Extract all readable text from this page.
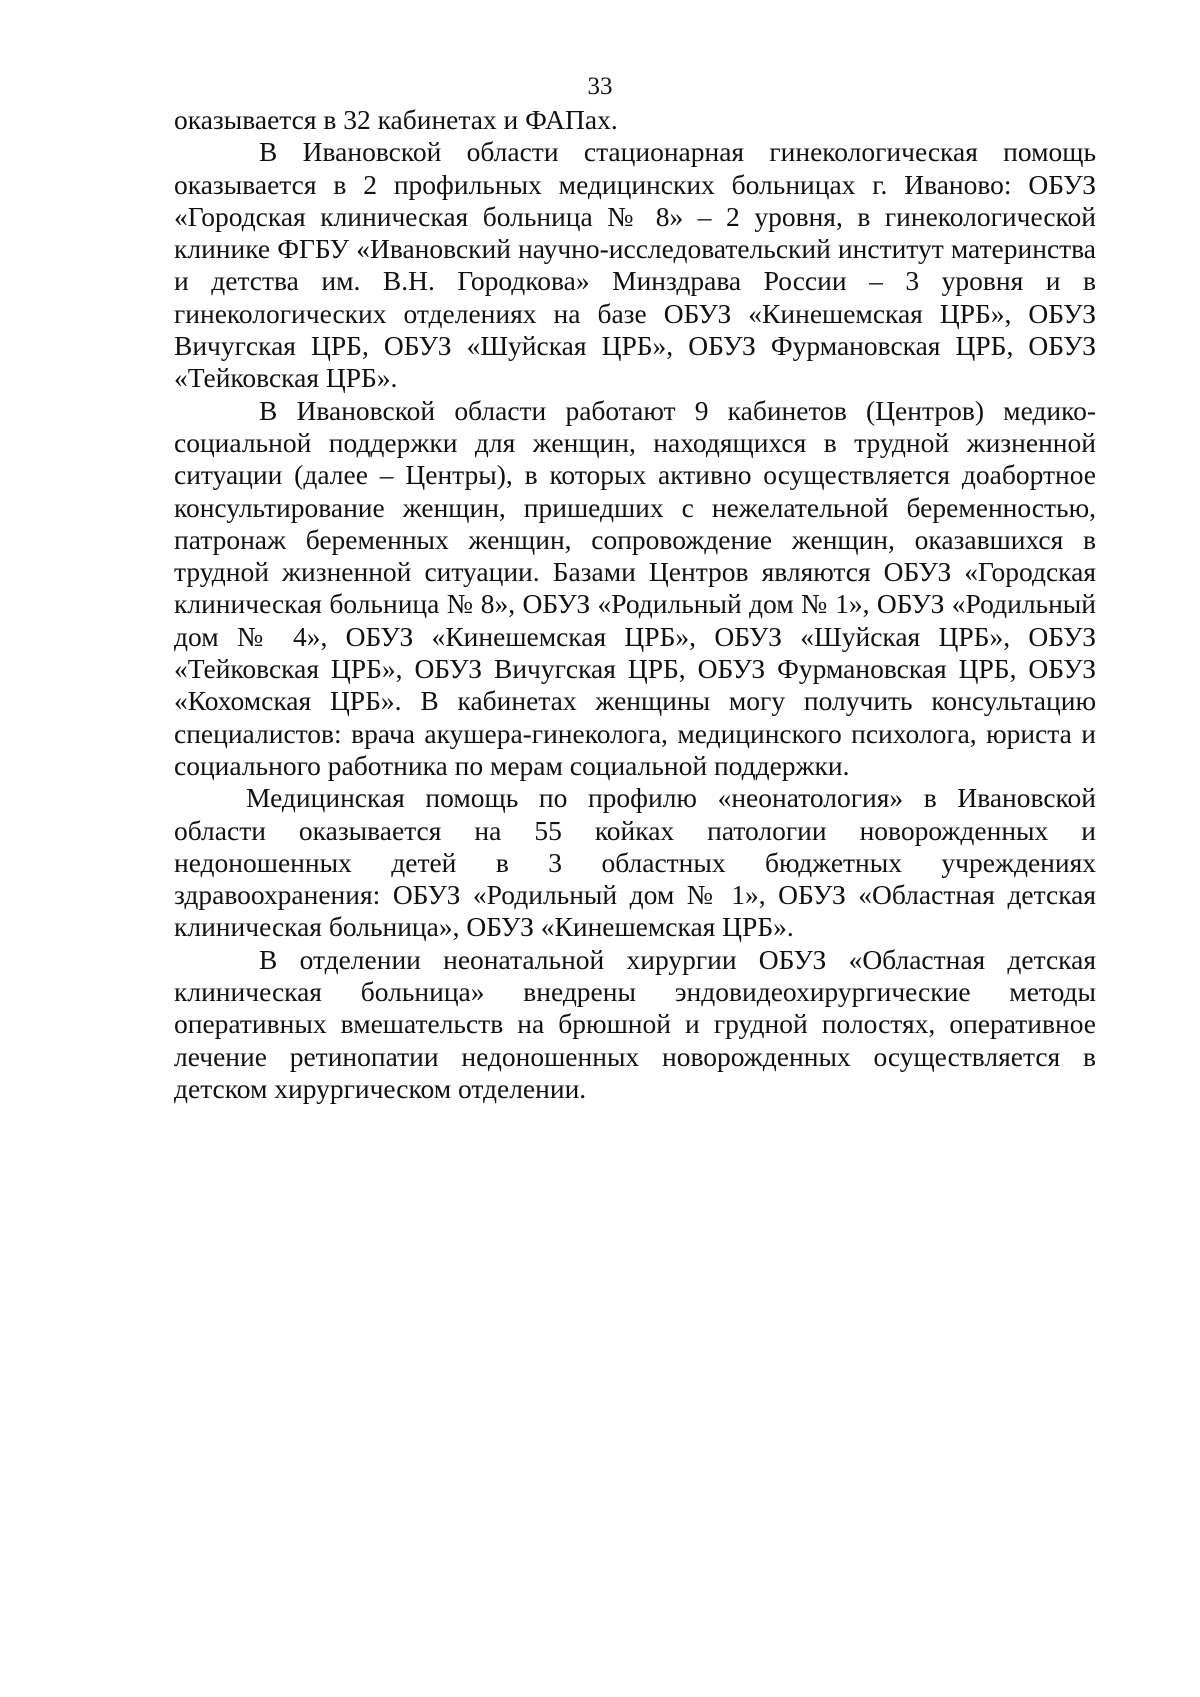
33

оказывается в 32 кабинетах и ФАПах.

В Ивановской области стационарная гинекологическая помощь оказывается в 2 профильных медицинских больницах г. Иваново: ОБУЗ «Городская клиническая больница № 8» – 2 уровня, в гинекологической клинике ФГБУ «Ивановский научно-исследовательский институт материнства и детства им. В.Н. Городкова» Минздрава России – 3 уровня и в гинекологических отделениях на базе ОБУЗ «Кинешемская ЦРБ», ОБУЗ Вичугская ЦРБ, ОБУЗ «Шуйская ЦРБ», ОБУЗ Фурмановская ЦРБ, ОБУЗ «Тейковская ЦРБ».

В Ивановской области работают 9 кабинетов (Центров) медико-социальной поддержки для женщин, находящихся в трудной жизненной ситуации (далее – Центры), в которых активно осуществляется доабортное консультирование женщин, пришедших с нежелательной беременностью, патронаж беременных женщин, сопровождение женщин, оказавшихся в трудной жизненной ситуации. Базами Центров являются ОБУЗ «Городская клиническая больница № 8», ОБУЗ «Родильный дом № 1», ОБУЗ «Родильный дом № 4», ОБУЗ «Кинешемская ЦРБ», ОБУЗ «Шуйская ЦРБ», ОБУЗ «Тейковская ЦРБ», ОБУЗ Вичугская ЦРБ, ОБУЗ Фурмановская ЦРБ, ОБУЗ «Кохомская ЦРБ». В кабинетах женщины могу получить консультацию специалистов: врача акушера-гинеколога, медицинского психолога, юриста и социального работника по мерам социальной поддержки.

Медицинская помощь по профилю «неонатология» в Ивановской области оказывается на 55 койках патологии новорожденных и недоношенных детей в 3 областных бюджетных учреждениях здравоохранения: ОБУЗ «Родильный дом № 1», ОБУЗ «Областная детская клиническая больница», ОБУЗ «Кинешемская ЦРБ».

В отделении неонатальной хирургии ОБУЗ «Областная детская клиническая больница» внедрены эндовидеохирургические методы оперативных вмешательств на брюшной и грудной полостях, оперативное лечение ретинопатии недоношенных новорожденных осуществляется в детском хирургическом отделении.
